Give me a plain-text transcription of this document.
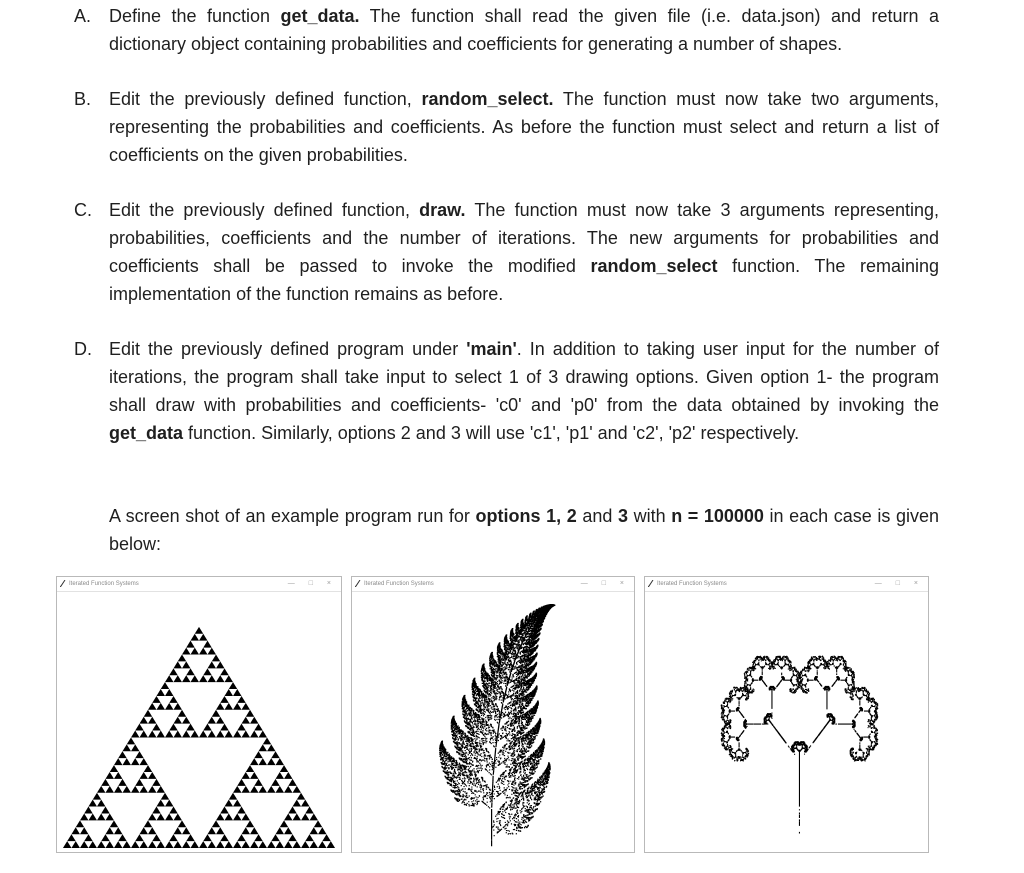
A. Define the function get_data. The function shall read the given file (i.e. data.json) and return a dictionary object containing probabilities and coefficients for generating a number of shapes.
B. Edit the previously defined function, random_select. The function must now take two arguments, representing the probabilities and coefficients. As before the function must select and return a list of coefficients on the given probabilities.
C. Edit the previously defined function, draw. The function must now take 3 arguments representing, probabilities, coefficients and the number of iterations. The new arguments for probabilities and coefficients shall be passed to invoke the modified random_select function. The remaining implementation of the function remains as before.
D. Edit the previously defined program under 'main'. In addition to taking user input for the number of iterations, the program shall take input to select 1 of 3 drawing options. Given option 1- the program shall draw with probabilities and coefficients- 'c0' and 'p0' from the data obtained by invoking the get_data function. Similarly, options 2 and 3 will use 'c1', 'p1' and 'c2', 'p2' respectively.
A screen shot of an example program run for options 1, 2 and 3 with n = 100000 in each case is given below:
Iterated Function Systems	— □ ×	Iterated Function Systems	— □ ×	Iterated Function Systems	— □ ×
